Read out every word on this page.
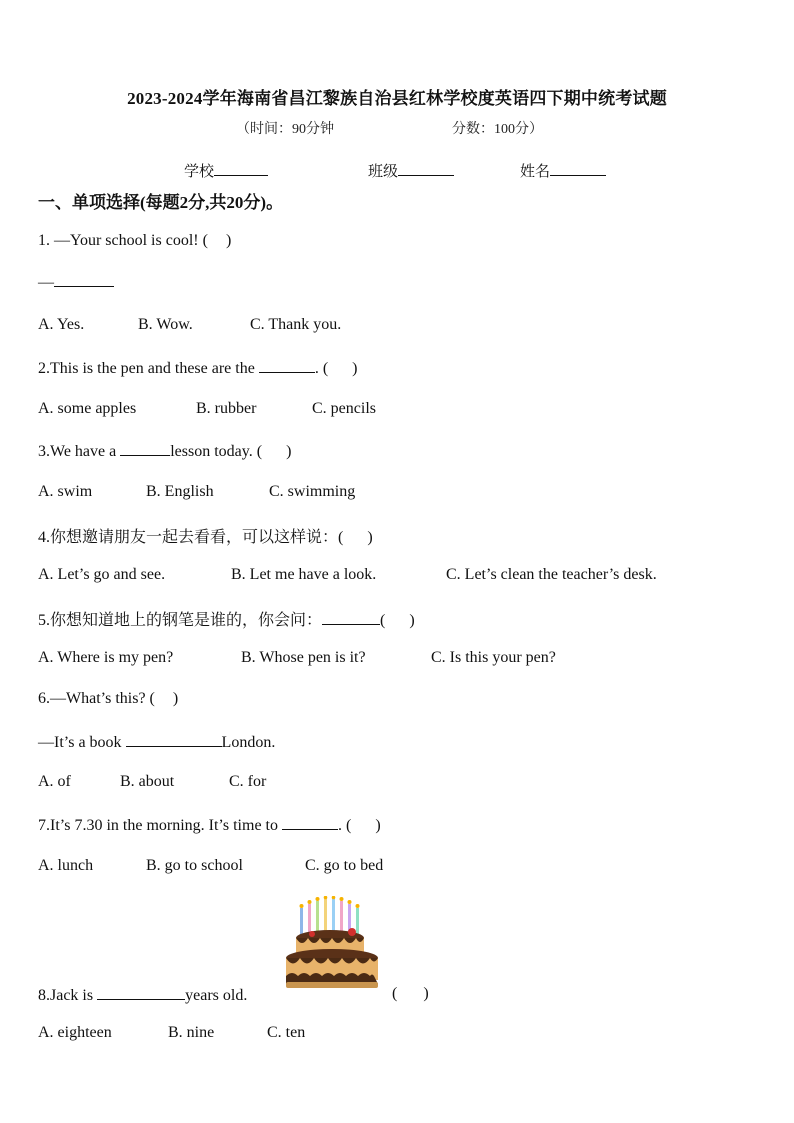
2023-2024学年海南省昌江黎族自治县红林学校度英语四下期中统考试题
（时间：90分钟	分数：100分）
学校	班级	姓名
一、单项选择(每题2分,共20分)。
1. —Your school is cool! ( )
—
A. Yes.	B. Wow.	C. Thank you.
2.This is the pen and these are the	. ( )
A. some apples	B. rubber	C. pencils
3.We have a	lesson today. ( )
A. swim	B. English	C. swimming
4.你想邀请朋友一起去看看，可以这样说：( )
A. Let’s go and see.	B. Let me have a look.	C. Let’s clean the teacher’s desk.
5.你想知道地上的钢笔是谁的，你会问：	( )
A. Where is my pen?	B. Whose pen is it?	C. Is this your pen?
6.—What’s this? ( )
—It’s a book	London.
A. of	B. about	C. for
7.It’s 7.30 in the morning. It’s time to	. ( )
A. lunch	B. go to school	C. go to bed
8.Jack is	years old.	( )
A. eighteen	B. nine	C. ten
